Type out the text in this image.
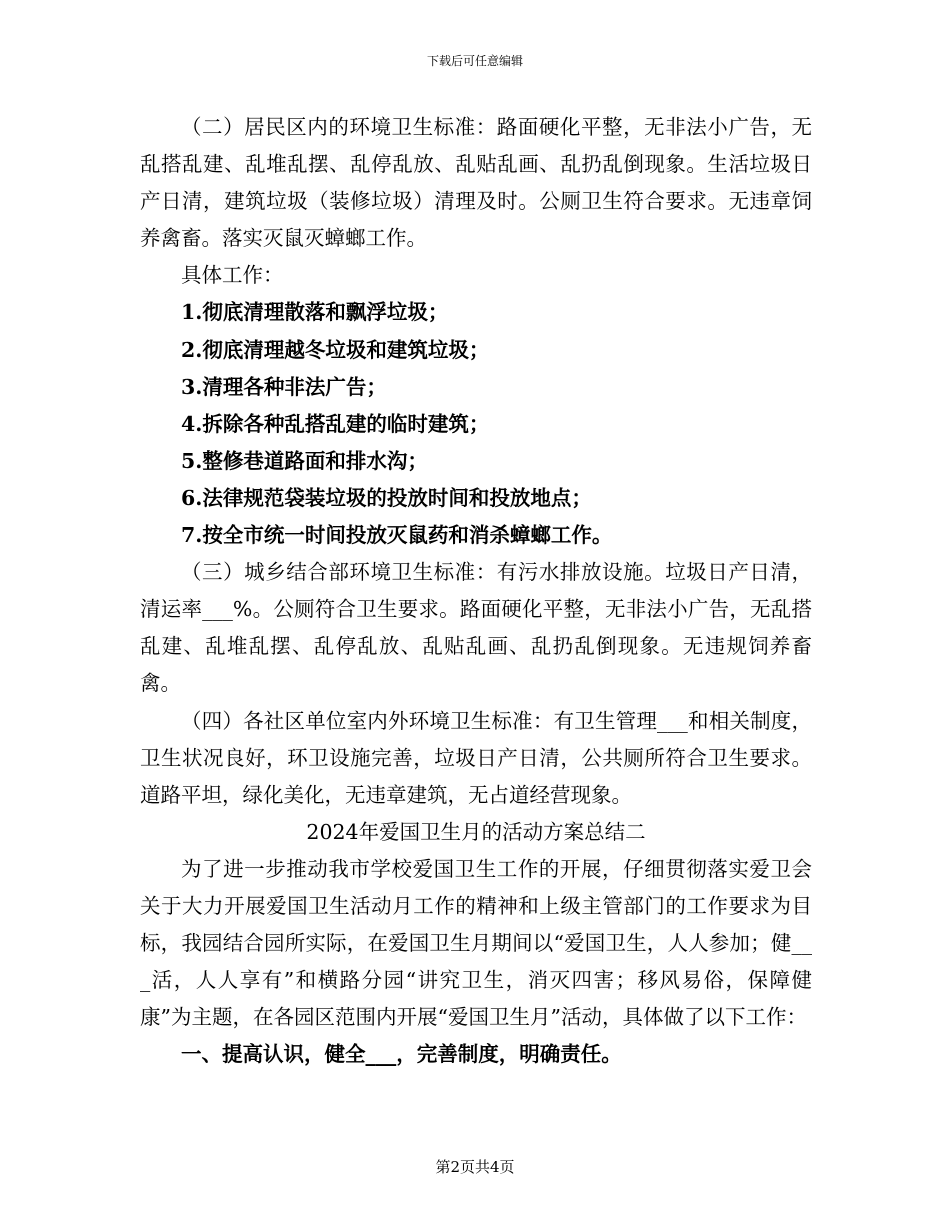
下载后可任意编辑

（二）居民区内的环境卫生标准：路面硬化平整，无非法小广告，无乱搭乱建、乱堆乱摆、乱停乱放、乱贴乱画、乱扔乱倒现象。生活垃圾日产日清，建筑垃圾（装修垃圾）清理及时。公厕卫生符合要求。无违章饲养禽畜。落实灭鼠灭蟑螂工作。

具体工作：

1.彻底清理散落和飘浮垃圾；

2.彻底清理越冬垃圾和建筑垃圾；

3.清理各种非法广告；

4.拆除各种乱搭乱建的临时建筑；

5.整修巷道路面和排水沟；

6.法律规范袋装垃圾的投放时间和投放地点；

7.按全市统一时间投放灭鼠药和消杀蟑螂工作。

（三）城乡结合部环境卫生标准：有污水排放设施。垃圾日产日清，清运率___%。公厕符合卫生要求。路面硬化平整，无非法小广告，无乱搭乱建、乱堆乱摆、乱停乱放、乱贴乱画、乱扔乱倒现象。无违规饲养畜禽。

（四）各社区单位室内外环境卫生标准：有卫生管理___和相关制度，卫生状况良好，环卫设施完善，垃圾日产日清，公共厕所符合卫生要求。道路平坦，绿化美化，无违章建筑，无占道经营现象。

2024年爱国卫生月的活动方案总结二

为了进一步推动我市学校爱国卫生工作的开展，仔细贯彻落实爱卫会关于大力开展爱国卫生活动月工作的精神和上级主管部门的工作要求为目标，我园结合园所实际，在爱国卫生月期间以“爱国卫生，人人参加；健___活，人人享有”和横路分园“讲究卫生，消灭四害；移风易俗，保障健康”为主题，在各园区范围内开展“爱国卫生月”活动，具体做了以下工作：

一、提高认识，健全___，完善制度，明确责任。

第2页共4页
